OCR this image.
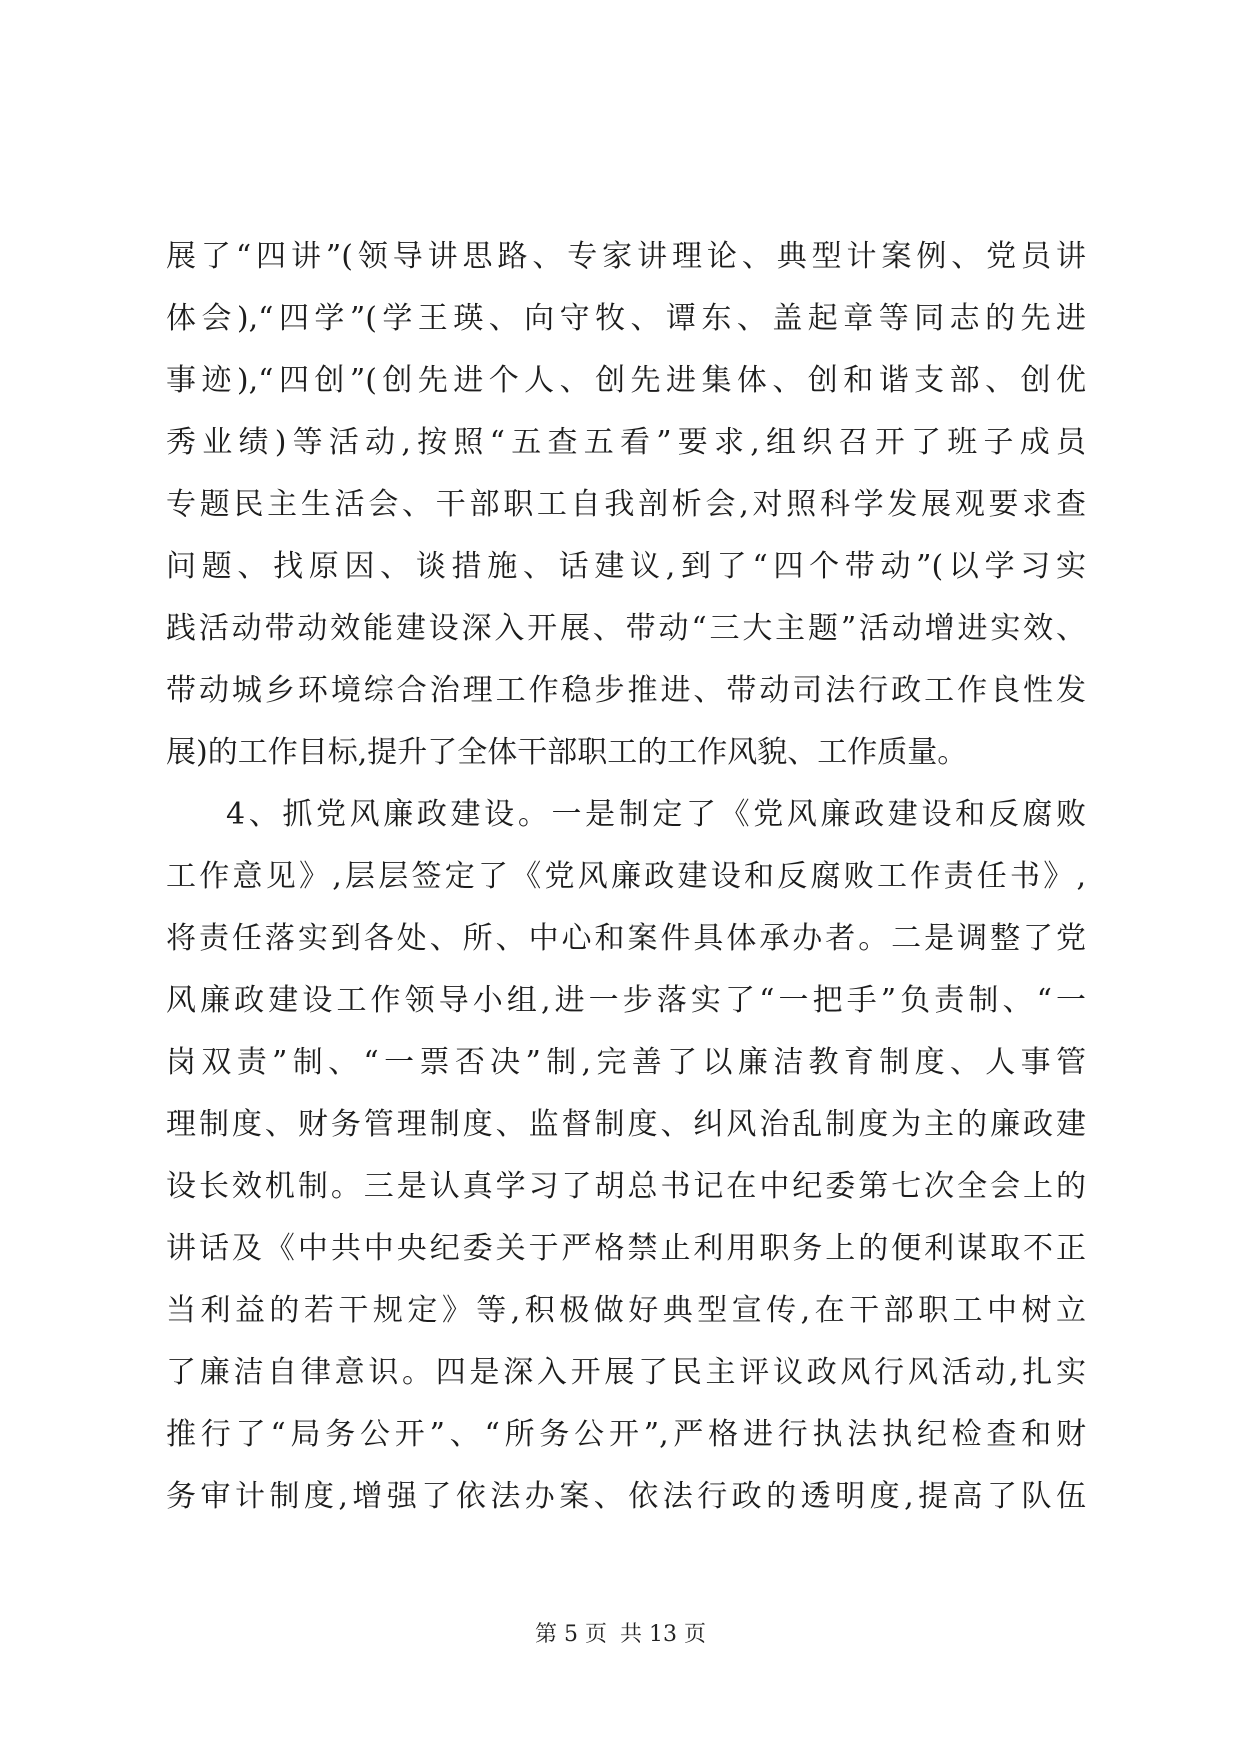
展了“四讲”(领导讲思路、专家讲理论、典型计案例、党员讲
体会),“四学”(学王瑛、向守牧、谭东、盖起章等同志的先进
事迹),“四创”(创先进个人、创先进集体、创和谐支部、创优
秀业绩)等活动,按照“五查五看”要求,组织召开了班子成员
专题民主生活会、干部职工自我剖析会,对照科学发展观要求查
问题、找原因、谈措施、话建议,到了“四个带动”(以学习实
践活动带动效能建设深入开展、带动“三大主题”活动增进实效、
带动城乡环境综合治理工作稳步推进、带动司法行政工作良性发
展)的工作目标,提升了全体干部职工的工作风貌、工作质量。
4、抓党风廉政建设。一是制定了《党风廉政建设和反腐败
工作意见》,层层签定了《党风廉政建设和反腐败工作责任书》,
将责任落实到各处、所、中心和案件具体承办者。二是调整了党
风廉政建设工作领导小组,进一步落实了“一把手”负责制、“一
岗双责”制、“一票否决”制,完善了以廉洁教育制度、人事管
理制度、财务管理制度、监督制度、纠风治乱制度为主的廉政建
设长效机制。三是认真学习了胡总书记在中纪委第七次全会上的
讲话及《中共中央纪委关于严格禁止利用职务上的便利谋取不正
当利益的若干规定》等,积极做好典型宣传,在干部职工中树立
了廉洁自律意识。四是深入开展了民主评议政风行风活动,扎实
推行了“局务公开”、“所务公开”,严格进行执法执纪检查和财
务审计制度,增强了依法办案、依法行政的透明度,提高了队伍
第 5 页 共 13 页
